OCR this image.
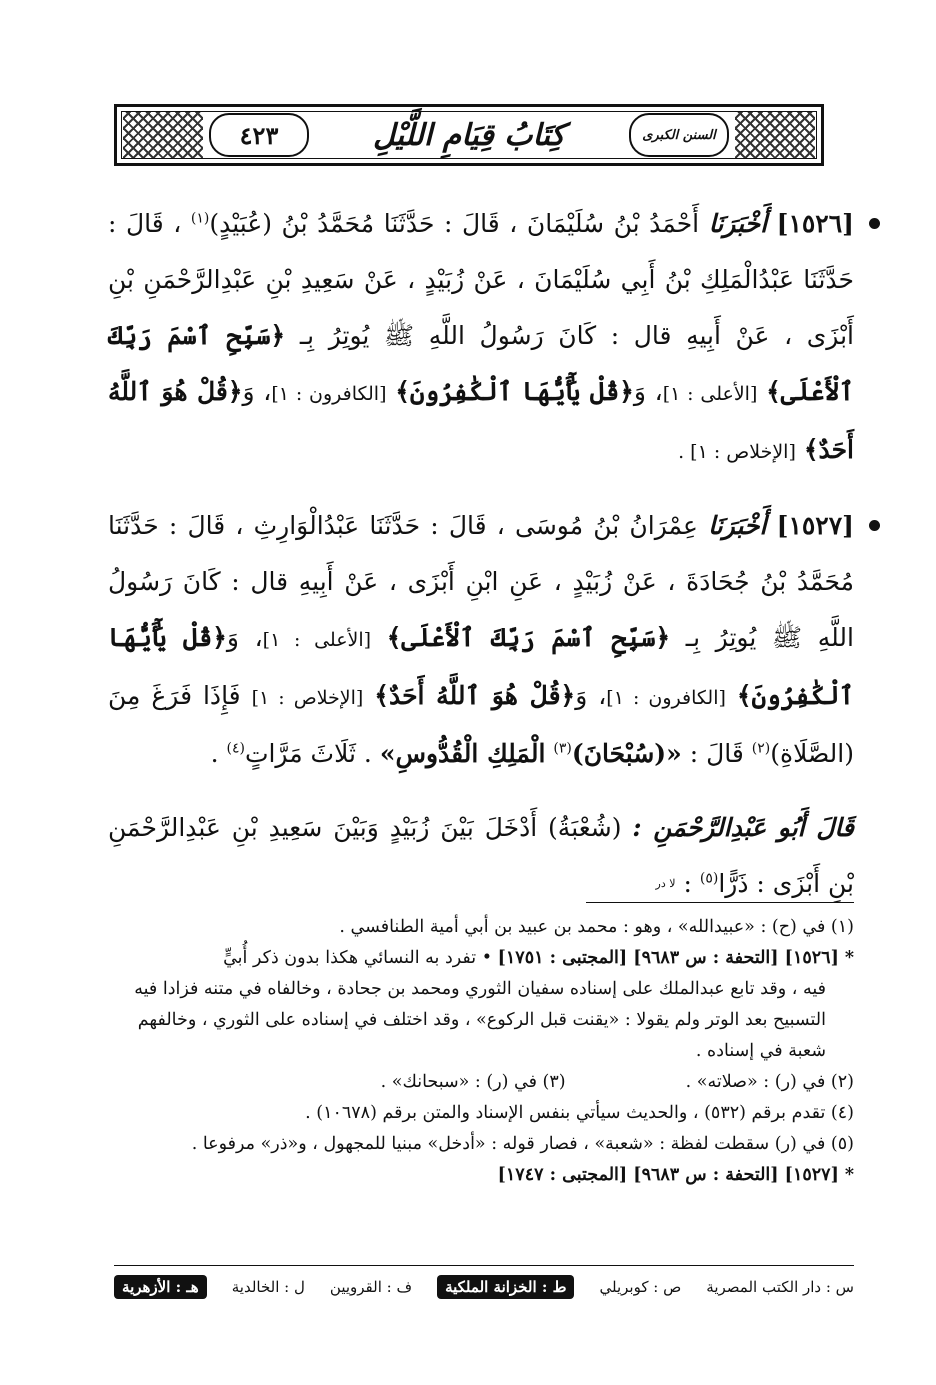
٤٢٣	كِتَابُ قِيَامِ اللَّيْلِ	السنن الكبرى
[١٥٢٦] أَخْبَرَنَا أَحْمَدُ بْنُ سُلَيْمَانَ ، قَالَ : حَدَّثَنَا مُحَمَّدُ بْنُ (عُبَيْدٍ)$^{(١)}$ ، قَالَ : حَدَّثَنَا عَبْدُالْمَلِكِ بْنُ أَبِي سُلَيْمَانَ ، عَنْ زُبَيْدٍ ، عَنْ سَعِيدِ بْنِ عَبْدِالرَّحْمَنِ بْنِ أَبْزَى ، عَنْ أَبِيهِ قال : كَانَ رَسُولُ اللَّهِ ﷺ يُوتِرُ بِـ ﴿سَبِّحِ ٱسْمَ رَبِّكَ ٱلْأَعْلَى﴾ [الأعلى : ١]، وَ﴿قُلْ يَٰٓأَيُّهَا ٱلْكَٰفِرُونَ﴾ [الكافرون : ١]، وَ﴿قُلْ هُوَ ٱللَّهُ أَحَدٌ﴾ [الإخلاص : ١] .
[١٥٢٧] أَخْبَرَنَا عِمْرَانُ بْنُ مُوسَى ، قَالَ : حَدَّثَنَا عَبْدُالْوَارِثِ ، قَالَ : حَدَّثَنَا مُحَمَّدُ بْنُ جُحَادَةَ ، عَنْ زُبَيْدٍ ، عَنِ ابْنِ أَبْزَى ، عَنْ أَبِيهِ قال : كَانَ رَسُولُ اللَّهِ ﷺ يُوتِرُ بِـ ﴿سَبِّحِ ٱسْمَ رَبِّكَ ٱلْأَعْلَى﴾ [الأعلى : ١]، وَ﴿قُلْ يَٰٓأَيُّهَا ٱلْكَٰفِرُونَ﴾ [الكافرون : ١]، وَ﴿قُلْ هُوَ ٱللَّهُ أَحَدٌ﴾ [الإخلاص : ١] فَإِذَا فَرَغَ مِنَ (الصَّلَاةِ)$^{(٢)}$ قَالَ : «(سُبْحَانَ)$^{(٣)}$ الْمَلِكِ الْقُدُّوسِ» . ثَلَاثَ مَرَّاتٍ$^{(٤)}$ .
قَالَ أَبُو عَبْدِالرَّحْمَنِ : (شُعْبَةُ) أَدْخَلَ بَيْنَ زُبَيْدٍ وَبَيْنَ سَعِيدِ بْنِ عَبْدِالرَّحْمَنِ بْنِ أَبْزَى : ذَرًّا$^{(٥)}$ : $^{لا در}$

(١) في (ح) : «عبيدالله» ، وهو : محمد بن عبيد بن أبي أمية الطنافسي .

*[١٥٢٦] [التحفة : س ٩٦٨٣] [المجتبى : ١٧٥١] • تفرد به النسائي هكذا بدون ذكر أُبيٍّ
فيه ، وقد تابع عبدالملك على إسناده سفيان الثوري ومحمد بن جحادة ، وخالفاه في متنه فزادا فيه التسبيح بعد الوتر ولم يقولا : «يقنت قبل الركوع» ، وقد اختلف في إسناده على الثوري ، وخالفهم شعبة في إسناده .

(٢) في (ر) : «صلاته» .
(٣) في (ر) : «سبحانك» .

(٤) تقدم برقم (٥٣٢) ، والحديث سيأتي بنفس الإسناد والمتن برقم (١٠٦٧٨) .

(٥) في (ر) سقطت لفظة : «شعبة» ، فصار قوله : «أدخل» مبنيا للمجهول ، و«ذر» مرفوعا .

*[١٥٢٧] [التحفة : س ٩٦٨٣] [المجتبى : ١٧٤٧]

س : دار الكتب المصرية
ص : كوبريلي
ط : الخزانة الملكية
ف : القرويين
ل : الخالدية
هـ : الأزهرية
